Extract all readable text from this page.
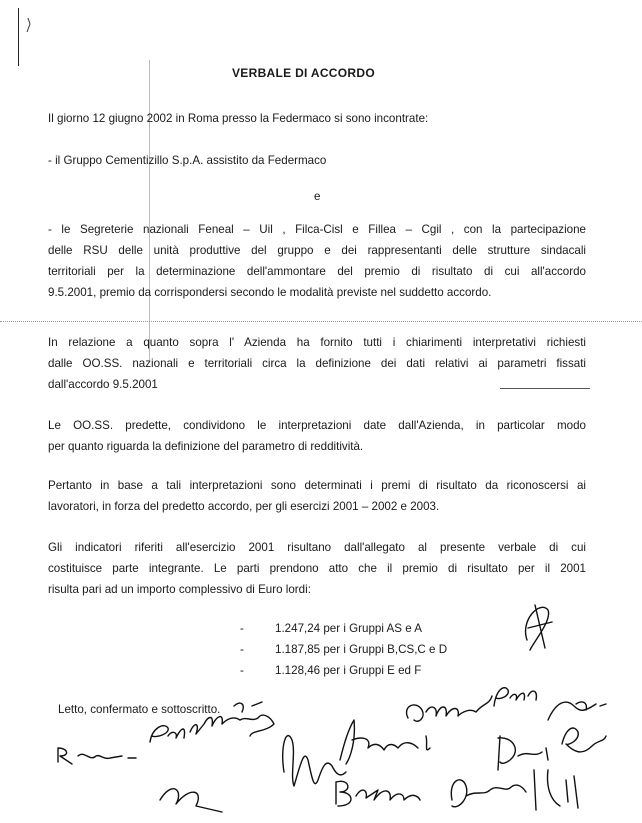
VERBALE DI ACCORDO

Il giorno 12 giugno 2002 in Roma presso la Federmaco si sono incontrate:

- il Gruppo Cementizillo S.p.A. assistito da Federmaco

e
- le Segreterie nazionali Feneal – Uil , Filca-Cisl e Fillea – Cgil , con la partecipazione
delle RSU delle unità produttive del gruppo e dei rappresentanti delle strutture sindacali
territoriali per la determinazione dell'ammontare del premio di risultato di cui all'accordo
9.5.2001, premio da corrispondersi secondo le modalità previste nel suddetto accordo.
In relazione a quanto sopra l' Azienda ha fornito tutti i chiarimenti interpretativi richiesti
dalle OO.SS. nazionali e territoriali circa la definizione dei dati relativi ai parametri fissati
dall'accordo 9.5.2001
Le OO.SS. predette, condividono le interpretazioni date dall'Azienda, in particolar modo
per quanto riguarda la definizione del parametro di redditività.
Pertanto in base a tali interpretazioni sono determinati i premi di risultato da riconoscersi ai
lavoratori, in forza del predetto accordo, per gli esercizi 2001 – 2002 e 2003.
Gli indicatori riferiti all'esercizio 2001 risultano dall'allegato al presente verbale di cui
costituisce parte integrante. Le parti prendono atto che il premio di risultato per il 2001
risulta pari ad un importo complessivo di Euro lordi:
-	1.247,24 per i Gruppi AS e A
-	1.187,85 per i Gruppi B,CS,C e D
-	1.128,46 per i Gruppi E ed F
Letto, confermato e sottoscritto.
